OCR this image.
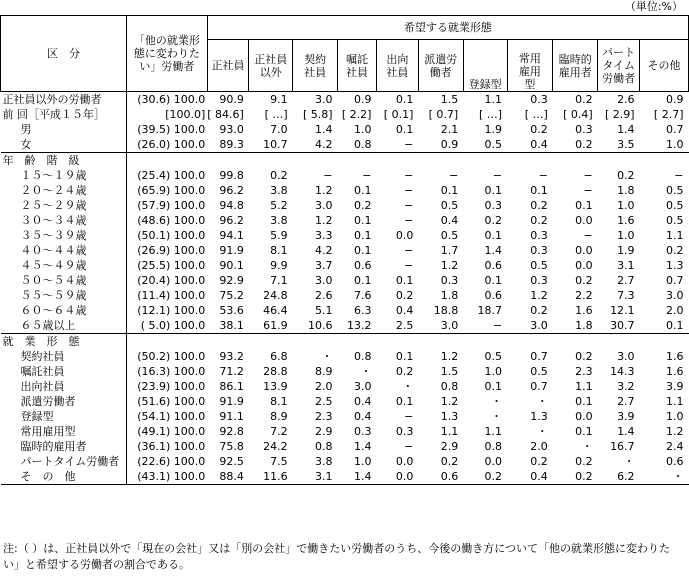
（単位:%）
区　分	「他の就業形態に変わりたい」労働者	希望する就業形態										
		正社員	正社員以外	契約社員	嘱託社員	出向社員	派遣労働者	登録型	常用雇用型	臨時的雇用者	パートタイム労働者	その他
正社員以外の労働者	(30.6) 100.0	90.9	9.1	3.0	0.9	0.1	1.5	1.1	0.3	0.2	2.6	0.9
前 回［平成１５年］	[100.0]	[ 84.6]	[ …]	[ 5.8]	[ 2.2]	[ 0.1]	[ 0.7]	[ …]	[ …]	[ 0.4]	[ 2.9]	[ 2.7]
男	(39.5) 100.0	93.0	7.0	1.4	1.0	0.1	2.1	1.9	0.2	0.3	1.4	0.7
女	(26.0) 100.0	89.3	10.7	4.2	0.8	−	0.9	0.5	0.4	0.2	3.5	1.0
年　齢　階　級												
１５～１９歳	(25.4) 100.0	99.8	0.2	−	−	−	−	−	−	−	0.2	−
２０～２４歳	(65.9) 100.0	96.2	3.8	1.2	0.1	−	0.1	0.1	0.1	−	1.8	0.5
２５～２９歳	(57.9) 100.0	94.8	5.2	3.0	0.2	−	0.5	0.3	0.2	0.1	1.0	0.5
３０～３４歳	(48.6) 100.0	96.2	3.8	1.2	0.1	−	0.4	0.2	0.2	0.0	1.6	0.5
３５～３９歳	(50.1) 100.0	94.1	5.9	3.3	0.1	0.0	0.5	0.1	0.3	−	1.0	1.1
４０～４４歳	(26.9) 100.0	91.9	8.1	4.2	0.1	−	1.7	1.4	0.3	0.0	1.9	0.2
４５～４９歳	(25.5) 100.0	90.1	9.9	3.7	0.6	−	1.2	0.6	0.5	0.0	3.1	1.3
５０～５４歳	(20.4) 100.0	92.9	7.1	3.0	0.1	0.1	0.3	0.1	0.3	0.2	2.7	0.7
５５～５９歳	(11.4) 100.0	75.2	24.8	2.6	7.6	0.2	1.8	0.6	1.2	2.2	7.3	3.0
６０～６４歳	(12.1) 100.0	53.6	46.4	5.1	6.3	0.4	18.8	18.7	0.2	1.6	12.1	2.0
６５歳以上	( 5.0) 100.0	38.1	61.9	10.6	13.2	2.5	3.0	−	3.0	1.8	30.7	0.1
就　業　形　態												
契約社員	(50.2) 100.0	93.2	6.8	・	0.8	0.1	1.2	0.5	0.7	0.2	3.0	1.6
嘱託社員	(16.3) 100.0	71.2	28.8	8.9	・	0.2	1.5	1.0	0.5	2.3	14.3	1.6
出向社員	(23.9) 100.0	86.1	13.9	2.0	3.0	・	0.8	0.1	0.7	1.1	3.2	3.9
派遣労働者	(51.6) 100.0	91.9	8.1	2.5	0.4	0.1	1.2	・	・	0.1	2.7	1.1
登録型	(54.1) 100.0	91.1	8.9	2.3	0.4	−	1.3	・	1.3	0.0	3.9	1.0
常用雇用型	(49.1) 100.0	92.8	7.2	2.9	0.3	0.3	1.1	1.1	・	0.1	1.4	1.2
臨時的雇用者	(36.1) 100.0	75.8	24.2	0.8	1.4	−	2.9	0.8	2.0	・	16.7	2.4
パートタイム労働者	(22.6) 100.0	92.5	7.5	3.8	1.0	0.0	0.2	0.0	0.2	0.2	・	0.6
そ　の　他	(43.1) 100.0	88.4	11.6	3.1	1.4	0.0	0.6	0.2	0.4	0.2	6.2	・
注:（ ）は、正社員以外で「現在の会社」又は「別の会社」で働きたい労働者のうち、今後の働き方について「他の就業形態に変わりたい」と希望する労働者の割合である。
